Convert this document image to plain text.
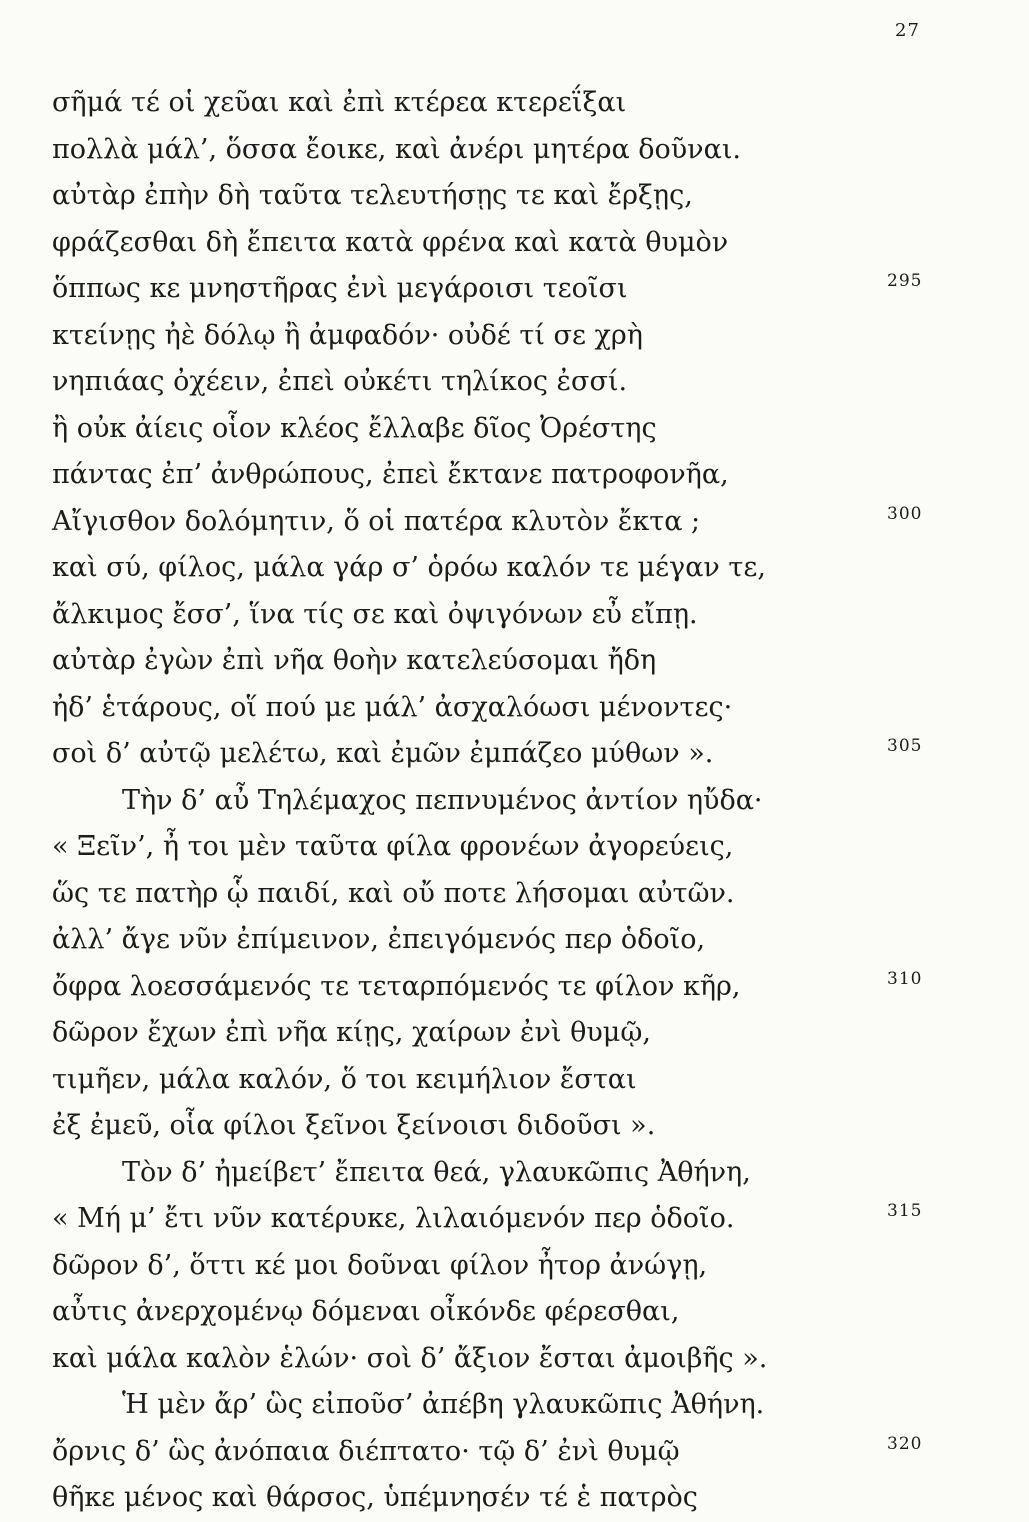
27
σῆμά τέ οἱ χεῦαι καὶ ἐπὶ κτέρεα κτερεΐξαι
πολλὰ μάλ’, ὅσσα ἔοικε, καὶ ἀνέρι μητέρα δοῦναι.
αὐτὰρ ἐπὴν δὴ ταῦτα τελευτήσῃς τε καὶ ἔρξῃς,
φράζεσθαι δὴ ἔπειτα κατὰ φρένα καὶ κατὰ θυμὸν
ὅππως κε μνηστῆρας ἐνὶ μεγάροισι τεοῖσι	295
κτείνῃς ἠὲ δόλῳ ἢ ἀμφαδόν· οὐδέ τί σε χρὴ
νηπιάας ὀχέειν, ἐπεὶ οὐκέτι τηλίκος ἐσσί.
ἢ οὐκ ἀίεις οἷον κλέος ἔλλαβε δῖος Ὀρέστης
πάντας ἐπ’ ἀνθρώπους, ἐπεὶ ἔκτανε πατροφονῆα,
Αἴγισθον δολόμητιν, ὅ οἱ πατέρα κλυτὸν ἔκτα ;	300
καὶ σύ, φίλος, μάλα γάρ σ’ ὁρόω καλόν τε μέγαν τε,
ἄλκιμος ἔσσ’, ἵνα τίς σε καὶ ὀψιγόνων εὖ εἴπῃ.
αὐτὰρ ἐγὼν ἐπὶ νῆα θοὴν κατελεύσομαι ἤδη
ἠδ’ ἑτάρους, οἵ πού με μάλ’ ἀσχαλόωσι μένοντες·
σοὶ δ’ αὐτῷ μελέτω, καὶ ἐμῶν ἐμπάζεο μύθων ».	305
Τὴν δ’ αὖ Τηλέμαχος πεπνυμένος ἀντίον ηὔδα·
« Ξεῖν’, ἦ τοι μὲν ταῦτα φίλα φρονέων ἀγορεύεις,
ὥς τε πατὴρ ᾧ παιδί, καὶ οὔ ποτε λήσομαι αὐτῶν.
ἀλλ’ ἄγε νῦν ἐπίμεινον, ἐπειγόμενός περ ὁδοῖο,
ὄφρα λοεσσάμενός τε τεταρπόμενός τε φίλον κῆρ,	310
δῶρον ἔχων ἐπὶ νῆα κίῃς, χαίρων ἐνὶ θυμῷ,
τιμῆεν, μάλα καλόν, ὅ τοι κειμήλιον ἔσται
ἐξ ἐμεῦ, οἷα φίλοι ξεῖνοι ξείνοισι διδοῦσι ».
Τὸν δ’ ἠμείβετ’ ἔπειτα θεά, γλαυκῶπις Ἀθήνη,
« Μή μ’ ἔτι νῦν κατέρυκε, λιλαιόμενόν περ ὁδοῖο.	315
δῶρον δ’, ὅττι κέ μοι δοῦναι φίλον ἦτορ ἀνώγῃ,
αὖτις ἀνερχομένῳ δόμεναι οἶκόνδε φέρεσθαι,
καὶ μάλα καλὸν ἑλών· σοὶ δ’ ἄξιον ἔσται ἀμοιβῆς ».
Ἡ μὲν ἄρ’ ὣς εἰποῦσ’ ἀπέβη γλαυκῶπις Ἀθήνη.
ὄρνις δ’ ὣς ἀνόπαια διέπτατο· τῷ δ’ ἐνὶ θυμῷ	320
θῆκε μένος καὶ θάρσος, ὑπέμνησέν τέ ἑ πατρὸς
